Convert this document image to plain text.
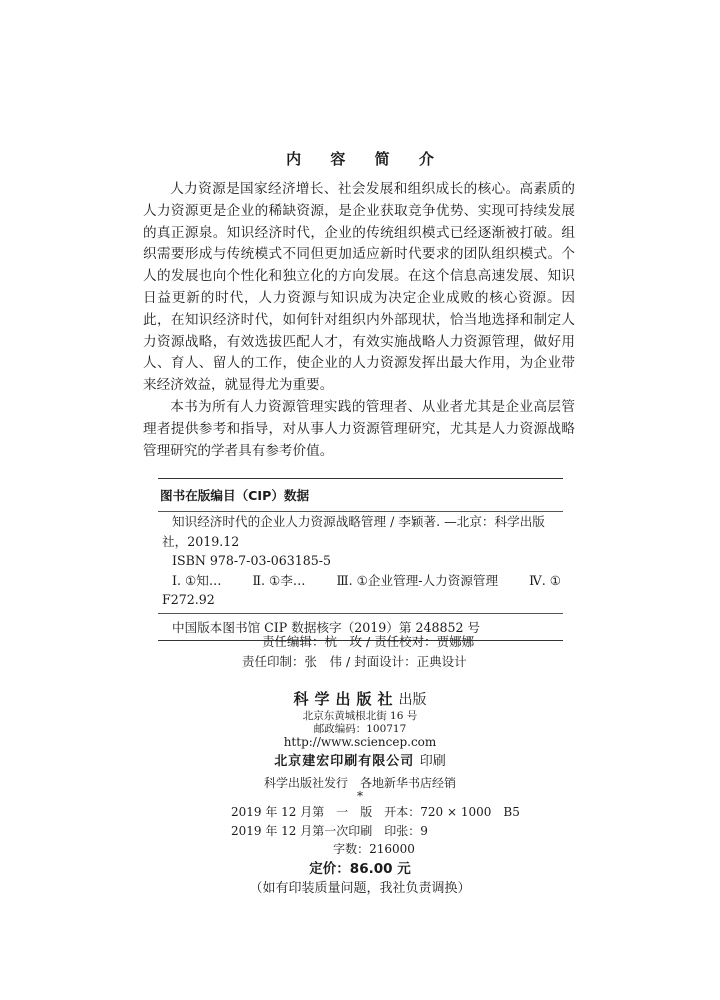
内 容 简 介

人力资源是国家经济增长、社会发展和组织成长的核心。高素质的人力资源更是企业的稀缺资源，是企业获取竞争优势、实现可持续发展的真正源泉。知识经济时代，企业的传统组织模式已经逐渐被打破。组织需要形成与传统模式不同但更加适应新时代要求的团队组织模式。个人的发展也向个性化和独立化的方向发展。在这个信息高速发展、知识日益更新的时代，人力资源与知识成为决定企业成败的核心资源。因此，在知识经济时代，如何针对组织内外部现状，恰当地选择和制定人力资源战略，有效选拔匹配人才，有效实施战略人力资源管理，做好用人、育人、留人的工作，使企业的人力资源发挥出最大作用，为企业带来经济效益，就显得尤为重要。

本书为所有人力资源管理实践的管理者、从业者尤其是企业高层管理者提供参考和指导，对从事人力资源管理研究，尤其是人力资源战略管理研究的学者具有参考价值。

图书在版编目（CIP）数据
知识经济时代的企业人力资源战略管理 / 李颖著. —北京：科学出版
社，2019.12
ISBN 978-7-03-063185-5
Ⅰ. ①知… Ⅱ. ①李… Ⅲ. ①企业管理-人力资源管理 Ⅳ. ①
F272.92
中国版本图书馆 CIP 数据核字（2019）第 248852 号
责任编辑：杭　玫 / 责任校对：贾娜娜
责任印制：张　伟 / 封面设计：正典设计
科学出版社出版
北京东黄城根北街 16 号
邮政编码：100717
http://www.sciencep.com
北京建宏印刷有限公司 印刷
科学出版社发行　各地新华书店经销
*
2019 年 12 月第　一　版　开本：720 × 1000　B5
2019 年 12 月第一次印刷　印张：9
字数：216000
定价：86.00 元
（如有印装质量问题，我社负责调换）
